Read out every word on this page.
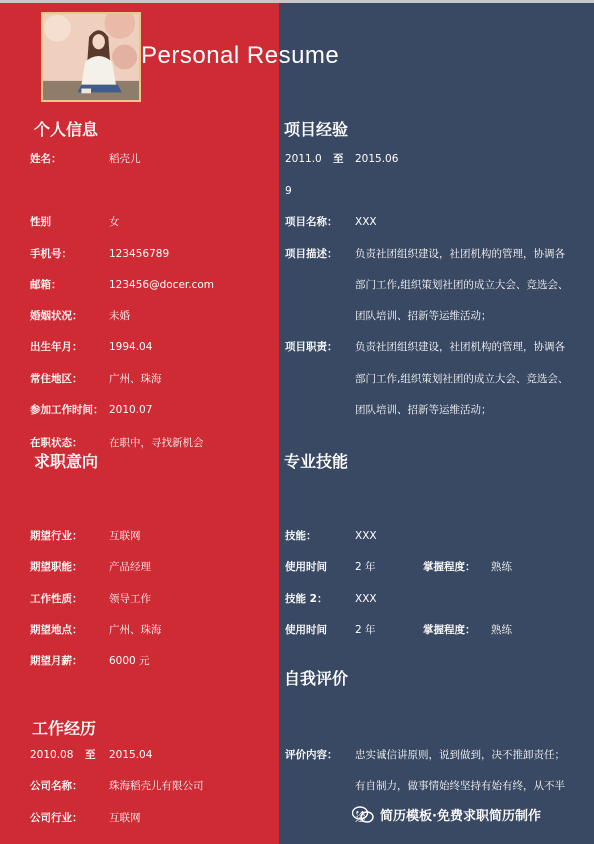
Personal Resume
个人信息
姓名：	稻壳儿
性别	女
手机号：	123456789
邮箱：	123456@docer.com
婚姻状况：	未婚
出生年月：	1994.04
常住地区：	广州、珠海
参加工作时间： 2010.07
在职状态：	在职中，寻找新机会
求职意向
期望行业：	互联网
期望职能：	产品经理
工作性质：	领导工作
期望地点：	广州、珠海
期望月薪：	6000 元
工作经历
2010.08 至 2015.04
公司名称：	珠海稻壳儿有限公司
公司行业：	互联网
项目经验
2011.0 至 2015.06
9
项目名称： XXX
项目描述： 负责社团组织建设，社团机构的管理，协调各
部门工作,组织策划社团的成立大会、竞选会、
团队培训、招新等运维活动；
项目职责： 负责社团组织建设，社团机构的管理，协调各
部门工作,组织策划社团的成立大会、竞选会、
团队培训、招新等运维活动；
专业技能
技能：	XXX
使用时间	2 年	掌握程度： 熟练
技能 2：	XXX
使用时间	2 年	掌握程度： 熟练
自我评价
评价内容： 忠实诚信讲原则，说到做到，决不推卸责任；
有自制力，做事情始终坚持有始有终，从不半
途 简历模板·免费求职简历制作
